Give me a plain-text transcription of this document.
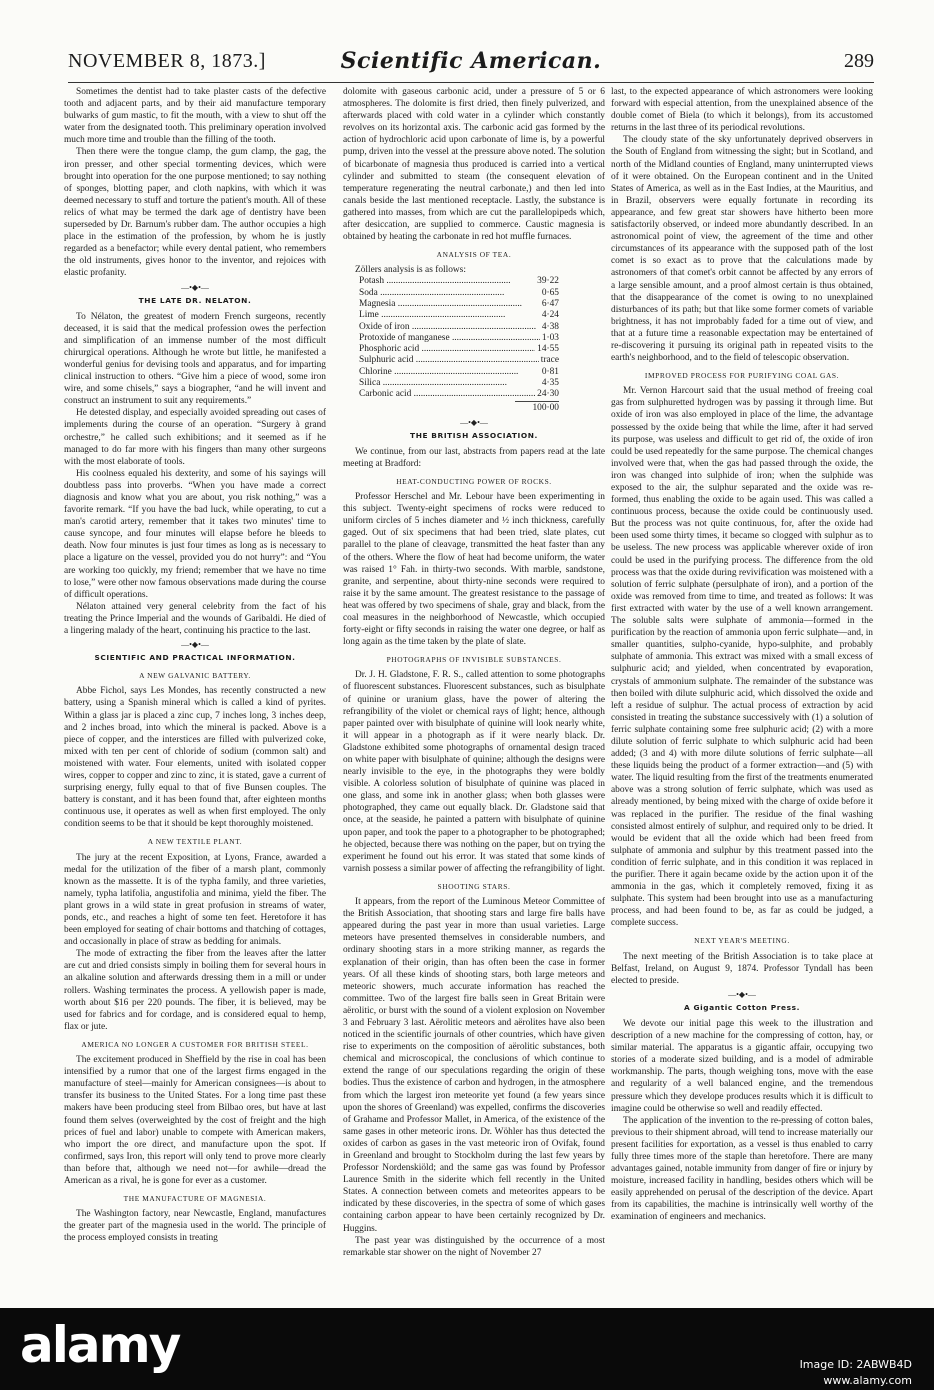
NOVEMBER 8, 1873.]	Scientific American.	289

Sometimes the dentist had to take plaster casts of the defective tooth and adjacent parts, and by their aid manufacture temporary bulwarks of gum mastic, to fit the mouth, with a view to shut off the water from the designated tooth. This preliminary operation involved much more time and trouble than the filling of the tooth.

Then there were the tongue clamp, the gum clamp, the gag, the iron presser, and other special tormenting devices, which were brought into operation for the one purpose mentioned; to say nothing of sponges, blotting paper, and cloth napkins, with which it was deemed necessary to stuff and torture the patient's mouth. All of these relics of what may be termed the dark age of dentistry have been superseded by Dr. Barnum's rubber dam. The author occupies a high place in the estimation of the profession, by whom he is justly regarded as a benefactor; while every dental patient, who remembers the old instruments, gives honor to the inventor, and rejoices with elastic profanity.

—•◆•—
THE LATE DR. NELATON.

To Nélaton, the greatest of modern French surgeons, recently deceased, it is said that the medical profession owes the perfection and simplification of an immense number of the most difficult chirurgical operations. Although he wrote but little, he manifested a wonderful genius for devising tools and apparatus, and for imparting clinical instruction to others. “Give him a piece of wood, some iron wire, and some chisels,” says a biographer, “and he will invent and construct an instrument to suit any requirements.”

He detested display, and especially avoided spreading out cases of implements during the course of an operation. “Surgery à grand orchestre,” he called such exhibitions; and it seemed as if he managed to do far more with his fingers than many other surgeons with the most elaborate of tools.

His coolness equaled his dexterity, and some of his sayings will doubtless pass into proverbs. “When you have made a correct diagnosis and know what you are about, you risk nothing,” was a favorite remark. “If you have the bad luck, while operating, to cut a man's carotid artery, remember that it takes two minutes' time to cause syncope, and four minutes will elapse before he bleeds to death. Now four minutes is just four times as long as is necessary to place a ligature on the vessel, provided you do not hurry”: and “You are working too quickly, my friend; remember that we have no time to lose,” were other now famous observations made during the course of difficult operations.

Nélaton attained very general celebrity from the fact of his treating the Prince Imperial and the wounds of Garibaldi. He died of a lingering malady of the heart, continuing his practice to the last.

—•◆•—
SCIENTIFIC AND PRACTICAL INFORMATION.
A NEW GALVANIC BATTERY.

Abbe Fichol, says Les Mondes, has recently constructed a new battery, using a Spanish mineral which is called a kind of pyrites. Within a glass jar is placed a zinc cup, 7 inches long, 3 inches deep, and 2 inches broad, into which the mineral is packed. Above is a piece of copper, and the interstices are filled with pulverized coke, mixed with ten per cent of chloride of sodium (common salt) and moistened with water. Four elements, united with isolated copper wires, copper to copper and zinc to zinc, it is stated, gave a current of surprising energy, fully equal to that of five Bunsen couples. The battery is constant, and it has been found that, after eighteen months continuous use, it operates as well as when first employed. The only condition seems to be that it should be kept thoroughly moistened.

A NEW TEXTILE PLANT.

The jury at the recent Exposition, at Lyons, France, awarded a medal for the utilization of the fiber of a marsh plant, commonly known as the massette. It is of the typha family, and three varieties, namely, typha latifolia, angustifolia and minima, yield the fiber. The plant grows in a wild state in great profusion in streams of water, ponds, etc., and reaches a hight of some ten feet. Heretofore it has been employed for seating of chair bottoms and thatching of cottages, and occasionally in place of straw as bedding for animals.

The mode of extracting the fiber from the leaves after the latter are cut and dried consists simply in boiling them for several hours in an alkaline solution and afterwards dressing them in a mill or under rollers. Washing terminates the process. A yellowish paper is made, worth about $16 per 220 pounds. The fiber, it is believed, may be used for fabrics and for cordage, and is considered equal to hemp, flax or jute.

AMERICA NO LONGER A CUSTOMER FOR BRITISH STEEL.

The excitement produced in Sheffield by the rise in coal has been intensified by a rumor that one of the largest firms engaged in the manufacture of steel—mainly for American consignees—is about to transfer its business to the United States. For a long time past these makers have been producing steel from Bilbao ores, but have at last found them selves (overweighted by the cost of freight and the high prices of fuel and labor) unable to compete with American makers, who import the ore direct, and manufacture upon the spot. If confirmed, says Iron, this report will only tend to prove more clearly than before that, although we need not—for awhile—dread the American as a rival, he is gone for ever as a customer.

THE MANUFACTURE OF MAGNESIA.

The Washington factory, near Newcastle, England, manufactures the greater part of the magnesia used in the world. The principle of the process employed consists in treating

dolomite with gaseous carbonic acid, under a pressure of 5 or 6 atmospheres. The dolomite is first dried, then finely pulverized, and afterwards placed with cold water in a cylinder which constantly revolves on its horizontal axis. The carbonic acid gas formed by the action of hydrochloric acid upon carbonate of lime is, by a powerful pump, driven into the vessel at the pressure above noted. The solution of bicarbonate of magnesia thus produced is carried into a vertical cylinder and submitted to steam (the consequent elevation of temperature regenerating the neutral carbonate,) and then led into canals beside the last mentioned receptacle. Lastly, the substance is gathered into masses, from which are cut the parallelopipeds which, after desiccation, are supplied to commerce. Caustic magnesia is obtained by heating the carbonate in red hot muffle furnaces.

ANALYSIS OF TEA.

Zöllers analysis is as follows:

Potash .....	39·22
Soda .....	0·65
Magnesia .....	6·47
Lime .....	4·24
Oxide of iron .....	4·38
Protoxide of manganese .....	1·03
Phosphoric acid .....	14·55
Sulphuric acid .....	trace
Chlorine .....	0·81
Silica .....	4·35
Carbonic acid .....	24·30
100·00
—•◆•—
THE BRITISH ASSOCIATION.

We continue, from our last, abstracts from papers read at the late meeting at Bradford:

HEAT-CONDUCTING POWER OF ROCKS.

Professor Herschel and Mr. Lebour have been experimenting in this subject. Twenty-eight specimens of rocks were reduced to uniform circles of 5 inches diameter and ½ inch thickness, carefully gaged. Out of six specimens that had been tried, slate plates, cut parallel to the plane of cleavage, transmitted the heat faster than any of the others. Where the flow of heat had become uniform, the water was raised 1° Fah. in thirty-two seconds. With marble, sandstone, granite, and serpentine, about thirty-nine seconds were required to raise it by the same amount. The greatest resistance to the passage of heat was offered by two specimens of shale, gray and black, from the coal measures in the neighborhood of Newcastle, which occupied forty-eight or fifty seconds in raising the water one degree, or half as long again as the time taken by the plate of slate.

PHOTOGRAPHS OF INVISIBLE SUBSTANCES.

Dr. J. H. Gladstone, F. R. S., called attention to some photographs of fluorescent substances. Fluorescent substances, such as bisulphate of quinine or uranium glass, have the power of altering the refrangibility of the violet or chemical rays of light; hence, although paper painted over with bisulphate of quinine will look nearly white, it will appear in a photograph as if it were nearly black. Dr. Gladstone exhibited some photographs of ornamental design traced on white paper with bisulphate of quinine; although the designs were nearly invisible to the eye, in the photographs they were boldly visible. A colorless solution of bisulphate of quinine was placed in one glass, and some ink in another glass; when both glasses were photographed, they came out equally black. Dr. Gladstone said that once, at the seaside, he painted a pattern with bisulphate of quinine upon paper, and took the paper to a photographer to be photographed; he objected, because there was nothing on the paper, but on trying the experiment he found out his error. It was stated that some kinds of varnish possess a similar power of affecting the refrangibility of light.

SHOOTING STARS.

It appears, from the report of the Luminous Meteor Committee of the British Association, that shooting stars and large fire balls have appeared during the past year in more than usual varieties. Large meteors have presented themselves in considerable numbers, and ordinary shooting stars in a more striking manner, as regards the explanation of their origin, than has often been the case in former years. Of all these kinds of shooting stars, both large meteors and meteoric showers, much accurate information has reached the committee. Two of the largest fire balls seen in Great Britain were aërolitic, or burst with the sound of a violent explosion on November 3 and February 3 last. Aërolitic meteors and aërolites have also been noticed in the scientific journals of other countries, which have given rise to experiments on the composition of aërolitic substances, both chemical and microscopical, the conclusions of which continue to extend the range of our speculations regarding the origin of these bodies. Thus the existence of carbon and hydrogen, in the atmosphere from which the largest iron meteorite yet found (a few years since upon the shores of Greenland) was expelled, confirms the discoveries of Grahame and Professor Mallet, in America, of the existence of the same gases in other meteoric irons. Dr. Wöhler has thus detected the oxides of carbon as gases in the vast meteoric iron of Ovifak, found in Greenland and brought to Stockholm during the last few years by Professor Nordenskiöld; and the same gas was found by Professor Laurence Smith in the siderite which fell recently in the United States. A connection between comets and meteorites appears to be indicated by these discoveries, in the spectra of some of which gases containing carbon appear to have been certainly recognized by Dr. Huggins.

The past year was distinguished by the occurrence of a most remarkable star shower on the night of November 27

last, to the expected appearance of which astronomers were looking forward with especial attention, from the unexplained absence of the double comet of Biela (to which it belongs), from its accustomed returns in the last three of its periodical revolutions.

The cloudy state of the sky unfortunately deprived observers in the South of England from witnessing the sight; but in Scotland, and north of the Midland counties of England, many uninterrupted views of it were obtained. On the European continent and in the United States of America, as well as in the East Indies, at the Mauritius, and in Brazil, observers were equally fortunate in recording its appearance, and few great star showers have hitherto been more satisfactorily observed, or indeed more abundantly described. In an astronomical point of view, the agreement of the time and other circumstances of its appearance with the supposed path of the lost comet is so exact as to prove that the calculations made by astronomers of that comet's orbit cannot be affected by any errors of a large sensible amount, and a proof almost certain is thus obtained, that the disappearance of the comet is owing to no unexplained disturbances of its path; but that like some former comets of variable brightness, it has not improbably faded for a time out of view, and that at a future time a reasonable expectation may be entertained of re-discovering it pursuing its original path in repeated visits to the earth's neighborhood, and to the field of telescopic observation.

IMPROVED PROCESS FOR PURIFYING COAL GAS.

Mr. Vernon Harcourt said that the usual method of freeing coal gas from sulphuretted hydrogen was by passing it through lime. But oxide of iron was also employed in place of the lime, the advantage possessed by the oxide being that while the lime, after it had served its purpose, was useless and difficult to get rid of, the oxide of iron could be used repeatedly for the same purpose. The chemical changes involved were that, when the gas had passed through the oxide, the iron was changed into sulphide of iron; when the sulphide was exposed to the air, the sulphur separated and the oxide was re-formed, thus enabling the oxide to be again used. This was called a continuous process, because the oxide could be continuously used. But the process was not quite continuous, for, after the oxide had been used some thirty times, it became so clogged with sulphur as to be useless. The new process was applicable wherever oxide of iron could be used in the purifying process. The difference from the old process was that the oxide during revivification was moistened with a solution of ferric sulphate (persulphate of iron), and a portion of the oxide was removed from time to time, and treated as follows: It was first extracted with water by the use of a well known arrangement. The soluble salts were sulphate of ammonia—formed in the purification by the reaction of ammonia upon ferric sulphate—and, in smaller quantities, sulpho-cyanide, hypo-sulphite, and probably sulphate of ammonia. This extract was mixed with a small excess of sulphuric acid; and yielded, when concentrated by evaporation, crystals of ammonium sulphate. The remainder of the substance was then boiled with dilute sulphuric acid, which dissolved the oxide and left a residue of sulphur. The actual process of extraction by acid consisted in treating the substance successively with (1) a solution of ferric sulphate containing some free sulphuric acid; (2) with a more dilute solution of ferric sulphate to which sulphuric acid had been added; (3 and 4) with more dilute solutions of ferric sulphate—all these liquids being the product of a former extraction—and (5) with water. The liquid resulting from the first of the treatments enumerated above was a strong solution of ferric sulphate, which was used as already mentioned, by being mixed with the charge of oxide before it was replaced in the purifier. The residue of the final washing consisted almost entirely of sulphur, and required only to be dried. It would be evident that all the oxide which had been freed from sulphate of ammonia and sulphur by this treatment passed into the condition of ferric sulphate, and in this condition it was replaced in the purifier. There it again became oxide by the action upon it of the ammonia in the gas, which it completely removed, fixing it as sulphate. This system had been brought into use as a manufacturing process, and had been found to be, as far as could be judged, a complete success.

NEXT YEAR'S MEETING.

The next meeting of the British Association is to take place at Belfast, Ireland, on August 9, 1874. Professor Tyndall has been elected to preside.

—•◆•—
A Gigantic Cotton Press.

We devote our initial page this week to the illustration and description of a new machine for the compressing of cotton, hay, or similar material. The apparatus is a gigantic affair, occupying two stories of a moderate sized building, and is a model of admirable workmanship. The parts, though weighing tons, move with the ease and regularity of a well balanced engine, and the tremendous pressure which they develope produces results which it is difficult to imagine could be otherwise so well and readily effected.

The application of the invention to the re-pressing of cotton bales, previous to their shipment abroad, will tend to increase materially our present facilities for exportation, as a vessel is thus enabled to carry fully three times more of the staple than heretofore. There are many advantages gained, notable immunity from danger of fire or injury by moisture, increased facility in handling, besides others which will be easily apprehended on perusal of the description of the device. Apart from its capabilities, the machine is intrinsically well worthy of the examination of engineers and mechanics.

alamy	Image ID: 2ABWB4D
www.alamy.com
